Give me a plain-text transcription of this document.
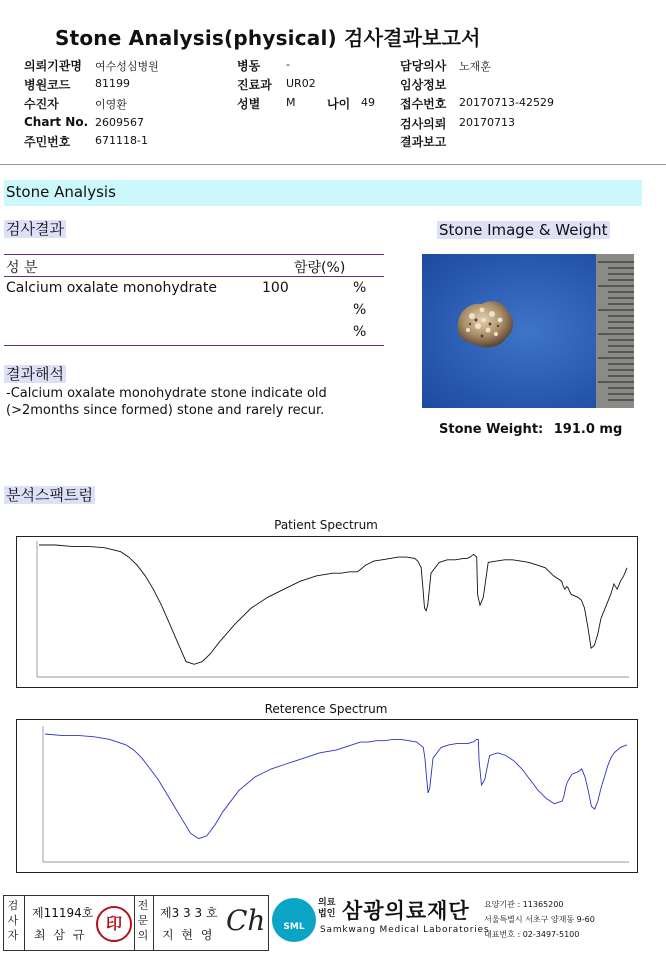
Stone Analysis(physical) 검사결과보고서
의뢰기관명 여수성심병원
병원코드 81199
수진자	이영환
Chart No. 2609567
주민번호 671118-1
병동 -
진료과 UR02
성별 M	나이 49
담당의사 노재훈
임상정보
접수번호 20170713-42529
검사의뢰 20170713
결과보고
Stone Analysis
검사결과
성 분	함량(%)
Calcium oxalate monohydrate	100	%
%
%
결과해석
-Calcium oxalate monohydrate stone indicate old
(>2months since formed) stone and rarely recur.
Stone Image & Weight
Stone Weight: 191.0 mg
분석스팩트럼
Patient Spectrum
Reterence Spectrum
검사자
제11194호
최 삼 규
印
전문의
제3 3 3 호
지 현 영 Ch	SML
의료법인 삼광의료재단
Samkwang Medical Laboratories
요양기관 : 11365200
서울특별시 서초구 양재동 9-60
대표번호 : 02-3497-5100
